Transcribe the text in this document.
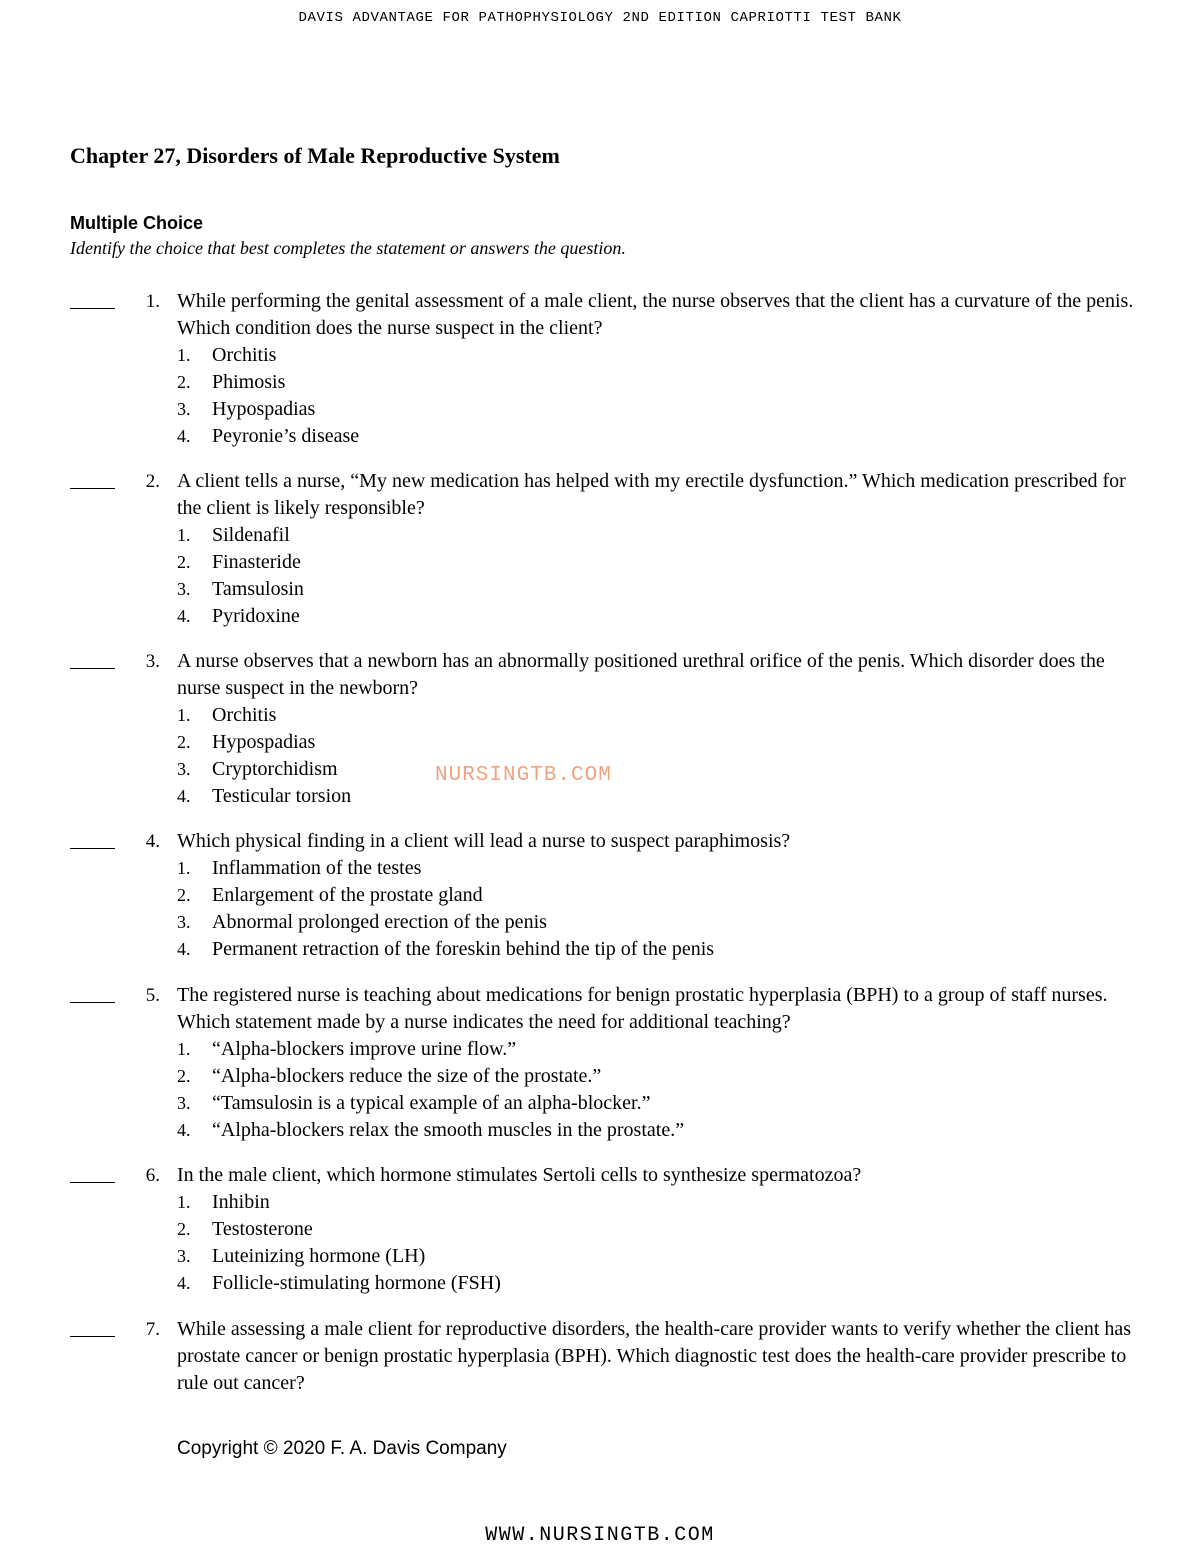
DAVIS ADVANTAGE FOR PATHOPHYSIOLOGY 2ND EDITION CAPRIOTTI TEST BANK
Chapter 27, Disorders of Male Reproductive System
Multiple Choice
Identify the choice that best completes the statement or answers the question.
1. While performing the genital assessment of a male client, the nurse observes that the client has a curvature of the penis. Which condition does the nurse suspect in the client?
1. Orchitis
2. Phimosis
3. Hypospadias
4. Peyronie’s disease
2. A client tells a nurse, “My new medication has helped with my erectile dysfunction.” Which medication prescribed for the client is likely responsible?
1. Sildenafil
2. Finasteride
3. Tamsulosin
4. Pyridoxine
3. A nurse observes that a newborn has an abnormally positioned urethral orifice of the penis. Which disorder does the nurse suspect in the newborn?
1. Orchitis
2. Hypospadias
3. Cryptorchidism
4. Testicular torsion
NURSINGTB.COM
4. Which physical finding in a client will lead a nurse to suspect paraphimosis?
1. Inflammation of the testes
2. Enlargement of the prostate gland
3. Abnormal prolonged erection of the penis
4. Permanent retraction of the foreskin behind the tip of the penis
5. The registered nurse is teaching about medications for benign prostatic hyperplasia (BPH) to a group of staff nurses. Which statement made by a nurse indicates the need for additional teaching?
1. “Alpha-blockers improve urine flow.”
2. “Alpha-blockers reduce the size of the prostate.”
3. “Tamsulosin is a typical example of an alpha-blocker.”
4. “Alpha-blockers relax the smooth muscles in the prostate.”
6. In the male client, which hormone stimulates Sertoli cells to synthesize spermatozoa?
1. Inhibin
2. Testosterone
3. Luteinizing hormone (LH)
4. Follicle-stimulating hormone (FSH)
7. While assessing a male client for reproductive disorders, the health-care provider wants to verify whether the client has prostate cancer or benign prostatic hyperplasia (BPH). Which diagnostic test does the health-care provider prescribe to rule out cancer?
Copyright © 2020 F. A. Davis Company
WWW.NURSINGTB.COM
